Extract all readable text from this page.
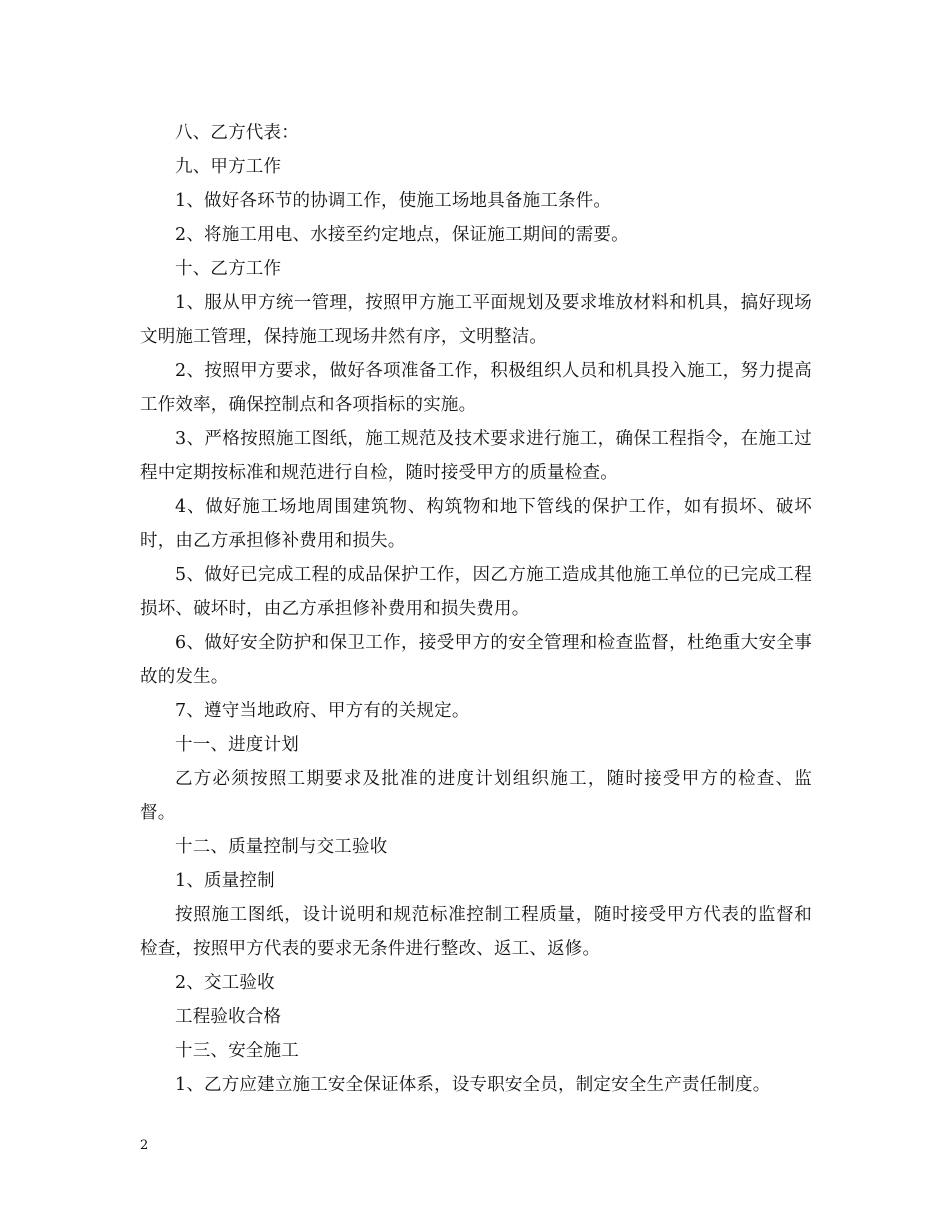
八、乙方代表：

九、甲方工作

1、做好各环节的协调工作，使施工场地具备施工条件。

2、将施工用电、水接至约定地点，保证施工期间的需要。

十、乙方工作

1、服从甲方统一管理，按照甲方施工平面规划及要求堆放材料和机具，搞好现场文明施工管理，保持施工现场井然有序，文明整洁。

2、按照甲方要求，做好各项准备工作，积极组织人员和机具投入施工，努力提高工作效率，确保控制点和各项指标的实施。

3、严格按照施工图纸，施工规范及技术要求进行施工，确保工程指令，在施工过程中定期按标准和规范进行自检，随时接受甲方的质量检查。

4、做好施工场地周围建筑物、构筑物和地下管线的保护工作，如有损坏、破坏时，由乙方承担修补费用和损失。

5、做好已完成工程的成品保护工作，因乙方施工造成其他施工单位的已完成工程损坏、破坏时，由乙方承担修补费用和损失费用。

6、做好安全防护和保卫工作，接受甲方的安全管理和检查监督，杜绝重大安全事故的发生。

7、遵守当地政府、甲方有的关规定。

十一、进度计划

乙方必须按照工期要求及批准的进度计划组织施工，随时接受甲方的检查、监督。

十二、质量控制与交工验收

1、质量控制

按照施工图纸，设计说明和规范标准控制工程质量，随时接受甲方代表的监督和检查，按照甲方代表的要求无条件进行整改、返工、返修。

2、交工验收

工程验收合格

十三、安全施工

1、乙方应建立施工安全保证体系，设专职安全员，制定安全生产责任制度。

2
